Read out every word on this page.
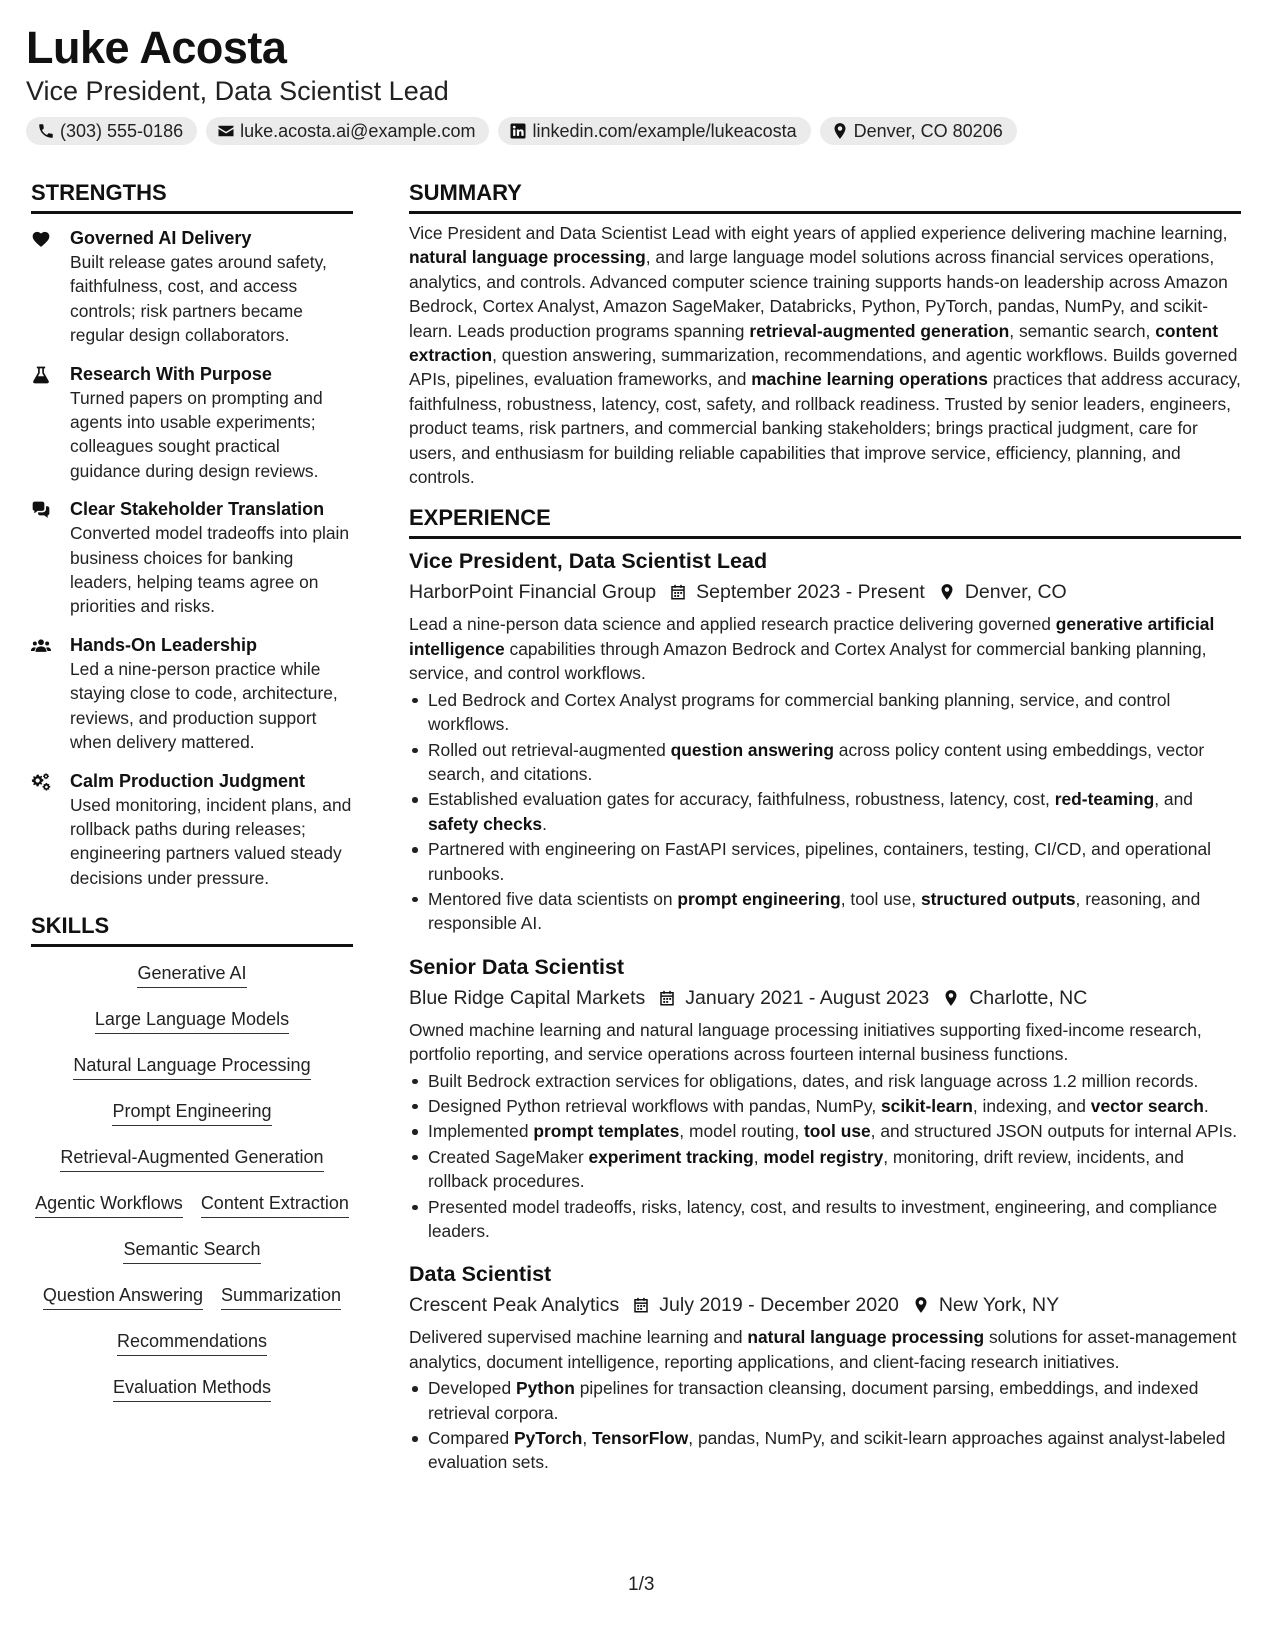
Luke Acosta
Vice President, Data Scientist Lead
(303) 555-0186	luke.acosta.ai@example.com	linkedin.com/example/lukeacosta	Denver, CO 80206
STRENGTHS
Governed AI Delivery
Built release gates around safety, faithfulness, cost, and access controls; risk partners became regular design collaborators.
Research With Purpose
Turned papers on prompting and agents into usable experiments; colleagues sought practical guidance during design reviews.
Clear Stakeholder Translation
Converted model tradeoffs into plain business choices for banking leaders, helping teams agree on priorities and risks.
Hands-On Leadership
Led a nine-person practice while staying close to code, architecture, reviews, and production support when delivery mattered.
Calm Production Judgment
Used monitoring, incident plans, and rollback paths during releases; engineering partners valued steady decisions under pressure.
SKILLS
Generative AI
Large Language Models
Natural Language Processing
Prompt Engineering
Retrieval-Augmented Generation
Agentic Workflows Content Extraction
Semantic Search
Question Answering Summarization
Recommendations
Evaluation Methods
SUMMARY
Vice President and Data Scientist Lead with eight years of applied experience delivering machine learning, natural language processing, and large language model solutions across financial services operations, analytics, and controls. Advanced computer science training supports hands-on leadership across Amazon Bedrock, Cortex Analyst, Amazon SageMaker, Databricks, Python, PyTorch, pandas, NumPy, and scikit-learn. Leads production programs spanning retrieval-augmented generation, semantic search, content extraction, question answering, summarization, recommendations, and agentic workflows. Builds governed APIs, pipelines, evaluation frameworks, and machine learning operations practices that address accuracy, faithfulness, robustness, latency, cost, safety, and rollback readiness. Trusted by senior leaders, engineers, product teams, risk partners, and commercial banking stakeholders; brings practical judgment, care for users, and enthusiasm for building reliable capabilities that improve service, efficiency, planning, and controls.
EXPERIENCE
Vice President, Data Scientist Lead
HarborPoint Financial Group September 2023 - Present Denver, CO
Lead a nine-person data science and applied research practice delivering governed generative artificial intelligence capabilities through Amazon Bedrock and Cortex Analyst for commercial banking planning, service, and control workflows.
Led Bedrock and Cortex Analyst programs for commercial banking planning, service, and control workflows.
Rolled out retrieval-augmented question answering across policy content using embeddings, vector search, and citations.
Established evaluation gates for accuracy, faithfulness, robustness, latency, cost, red-teaming, and safety checks.
Partnered with engineering on FastAPI services, pipelines, containers, testing, CI/CD, and operational runbooks.
Mentored five data scientists on prompt engineering, tool use, structured outputs, reasoning, and responsible AI.
Senior Data Scientist
Blue Ridge Capital Markets January 2021 - August 2023 Charlotte, NC
Owned machine learning and natural language processing initiatives supporting fixed-income research, portfolio reporting, and service operations across fourteen internal business functions.
Built Bedrock extraction services for obligations, dates, and risk language across 1.2 million records.
Designed Python retrieval workflows with pandas, NumPy, scikit-learn, indexing, and vector search.
Implemented prompt templates, model routing, tool use, and structured JSON outputs for internal APIs.
Created SageMaker experiment tracking, model registry, monitoring, drift review, incidents, and rollback procedures.
Presented model tradeoffs, risks, latency, cost, and results to investment, engineering, and compliance leaders.
Data Scientist
Crescent Peak Analytics July 2019 - December 2020 New York, NY
Delivered supervised machine learning and natural language processing solutions for asset-management analytics, document intelligence, reporting applications, and client-facing research initiatives.
Developed Python pipelines for transaction cleansing, document parsing, embeddings, and indexed retrieval corpora.
Compared PyTorch, TensorFlow, pandas, NumPy, and scikit-learn approaches against analyst-labeled evaluation sets.
1/3
